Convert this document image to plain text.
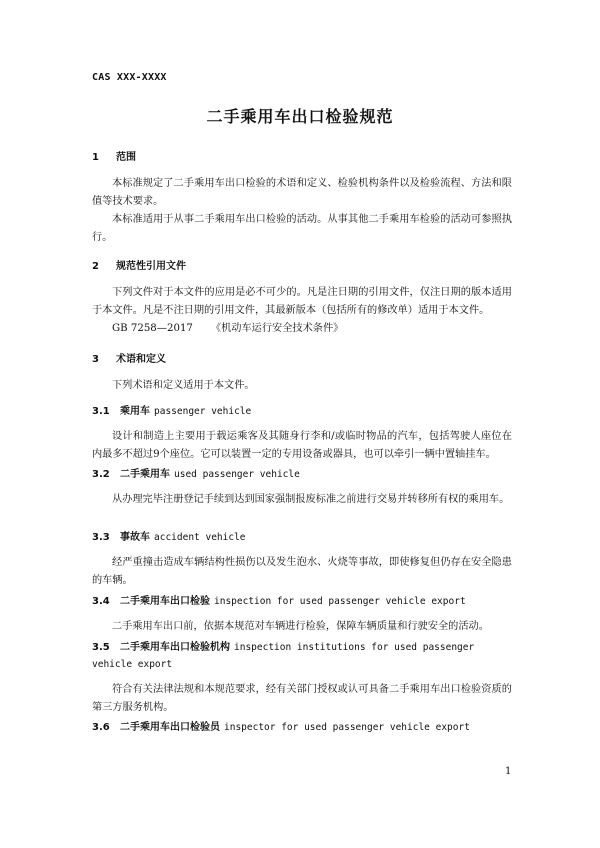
CAS XXX-XXXX
二手乘用车出口检验规范
1 范围
本标准规定了二手乘用车出口检验的术语和定义、检验机构条件以及检验流程、方法和限值等技术要求。
本标准适用于从事二手乘用车出口检验的活动。从事其他二手乘用车检验的活动可参照执行。
2 规范性引用文件
下列文件对于本文件的应用是必不可少的。凡是注日期的引用文件，仅注日期的版本适用于本文件。凡是不注日期的引用文件，其最新版本（包括所有的修改单）适用于本文件。
GB 7258—2017 《机动车运行安全技术条件》
3 术语和定义
下列术语和定义适用于本文件。
3.1 乘用车 passenger vehicle
设计和制造上主要用于载运乘客及其随身行李和/或临时物品的汽车，包括驾驶人座位在内最多不超过9个座位。它可以装置一定的专用设备或器具，也可以牵引一辆中置轴挂车。
3.2 二手乘用车 used passenger vehicle
从办理完毕注册登记手续到达到国家强制报废标准之前进行交易并转移所有权的乘用车。
3.3 事故车 accident vehicle
经严重撞击造成车辆结构性损伤以及发生泡水、火烧等事故，即使修复但仍存在安全隐患的车辆。
3.4 二手乘用车出口检验 inspection for used passenger vehicle export
二手乘用车出口前，依据本规范对车辆进行检验，保障车辆质量和行驶安全的活动。
3.5 二手乘用车出口检验机构 inspection institutions for used passenger vehicle export
符合有关法律法规和本规范要求，经有关部门授权或认可具备二手乘用车出口检验资质的第三方服务机构。
3.6 二手乘用车出口检验员 inspector for used passenger vehicle export
1
